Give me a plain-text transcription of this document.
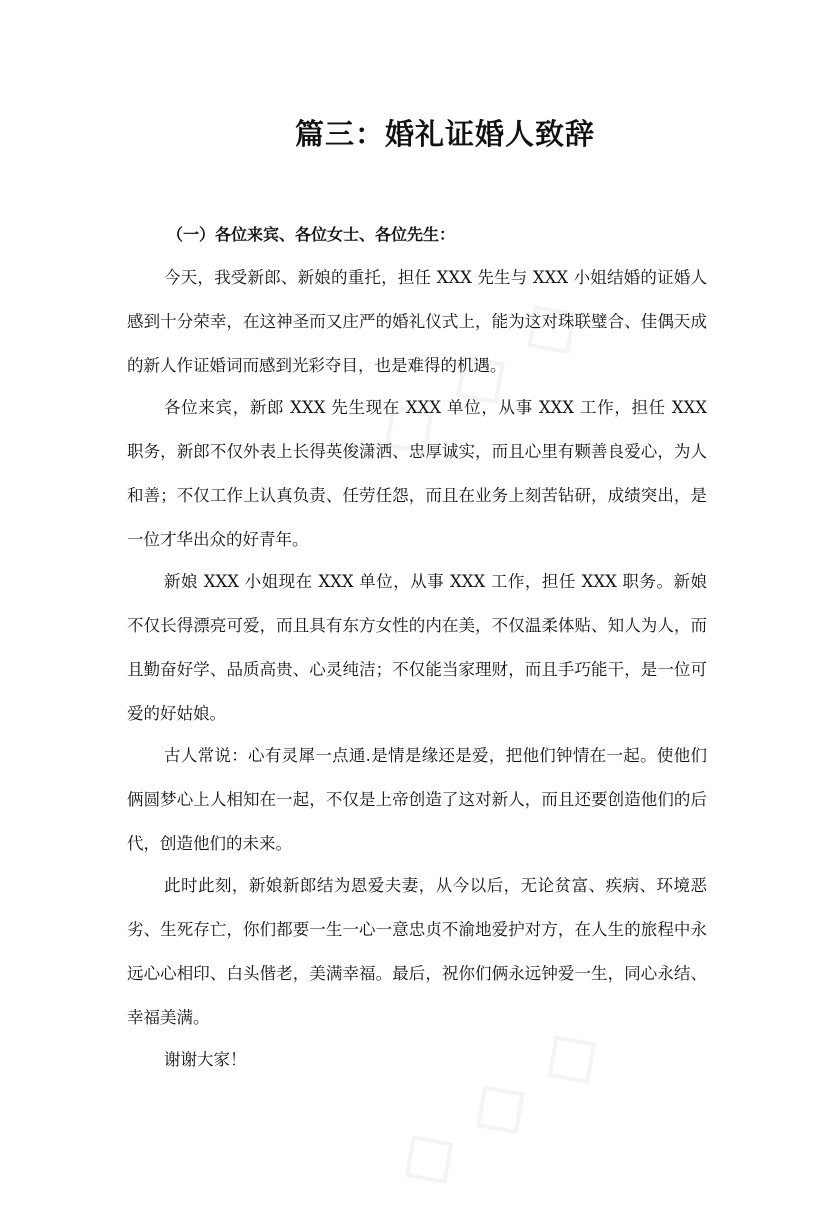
篇三：婚礼证婚人致辞
（一）各位来宾、各位女士、各位先生：

今天，我受新郎、新娘的重托，担任 XXX 先生与 XXX 小姐结婚的证婚人感到十分荣幸，在这神圣而又庄严的婚礼仪式上，能为这对珠联璧合、佳偶天成的新人作证婚词而感到光彩夺目，也是难得的机遇。

各位来宾，新郎 XXX 先生现在 XXX 单位，从事 XXX 工作，担任 XXX 职务，新郎不仅外表上长得英俊潇洒、忠厚诚实，而且心里有颗善良爱心，为人和善；不仅工作上认真负责、任劳任怨，而且在业务上刻苦钻研，成绩突出，是一位才华出众的好青年。

新娘 XXX 小姐现在 XXX 单位，从事 XXX 工作，担任 XXX 职务。新娘不仅长得漂亮可爱，而且具有东方女性的内在美，不仅温柔体贴、知人为人，而且勤奋好学、品质高贵、心灵纯洁；不仅能当家理财，而且手巧能干，是一位可爱的好姑娘。

古人常说：心有灵犀一点通.是情是缘还是爱，把他们钟情在一起。使他们俩圆梦心上人相知在一起，不仅是上帝创造了这对新人，而且还要创造他们的后代，创造他们的未来。

此时此刻，新娘新郎结为恩爱夫妻，从今以后，无论贫富、疾病、环境恶劣、生死存亡，你们都要一生一心一意忠贞不渝地爱护对方，在人生的旅程中永远心心相印、白头偕老，美满幸福。最后，祝你们俩永远钟爱一生，同心永结、幸福美满。

谢谢大家！
